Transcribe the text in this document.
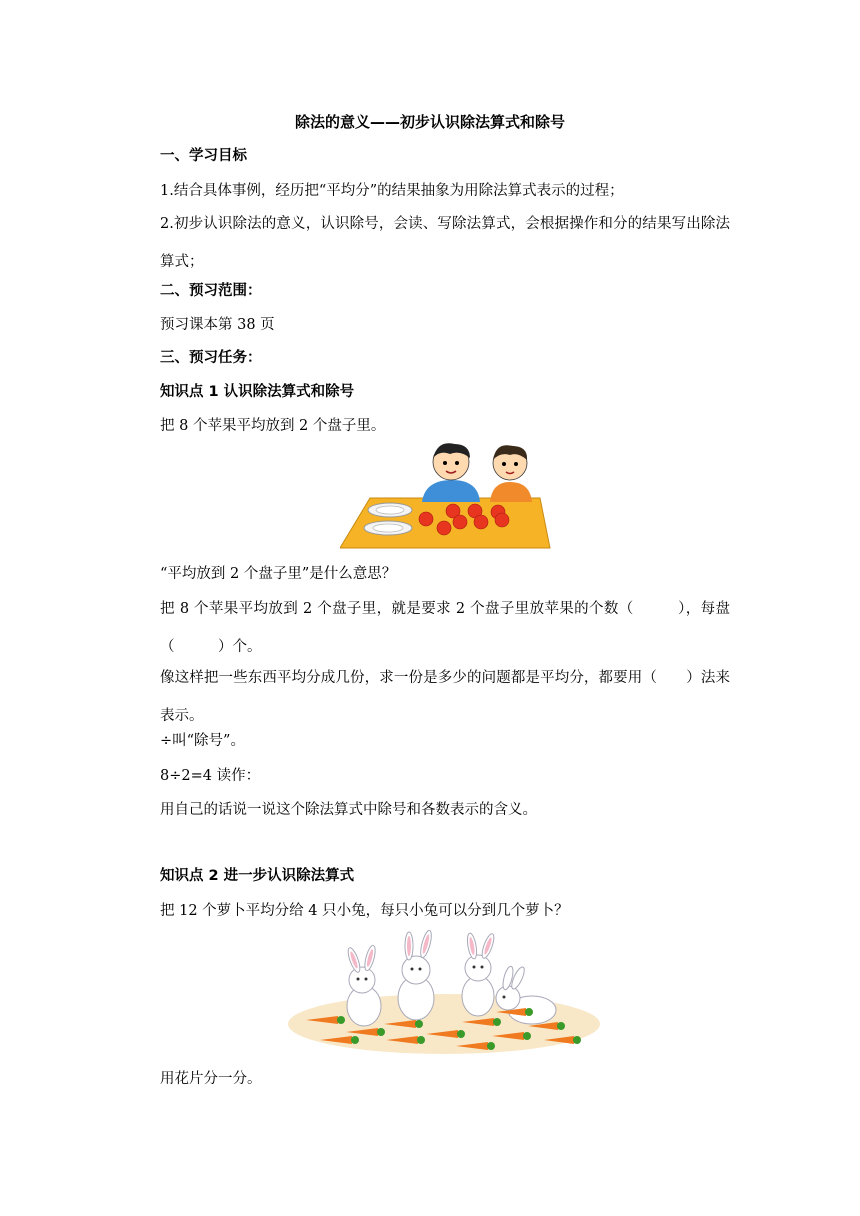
除法的意义——初步认识除法算式和除号
一、学习目标
1.结合具体事例，经历把“平均分”的结果抽象为用除法算式表示的过程；
2.初步认识除法的意义，认识除号，会读、写除法算式，会根据操作和分的结果写出除法算式；
二、预习范围：
预习课本第 38 页
三、预习任务：
知识点 1 认识除法算式和除号
把 8 个苹果平均放到 2 个盘子里。
“平均放到 2 个盘子里”是什么意思？
把 8 个苹果平均放到 2 个盘子里，就是要求 2 个盘子里放苹果的个数（　　　），每盘（　　　）个。
像这样把一些东西平均分成几份，求一份是多少的问题都是平均分，都要用（　　）法来表示。
÷叫“除号”。
8÷2=4 读作：
用自己的话说一说这个除法算式中除号和各数表示的含义。
知识点 2 进一步认识除法算式
把 12 个萝卜平均分给 4 只小兔，每只小兔可以分到几个萝卜？
用花片分一分。
